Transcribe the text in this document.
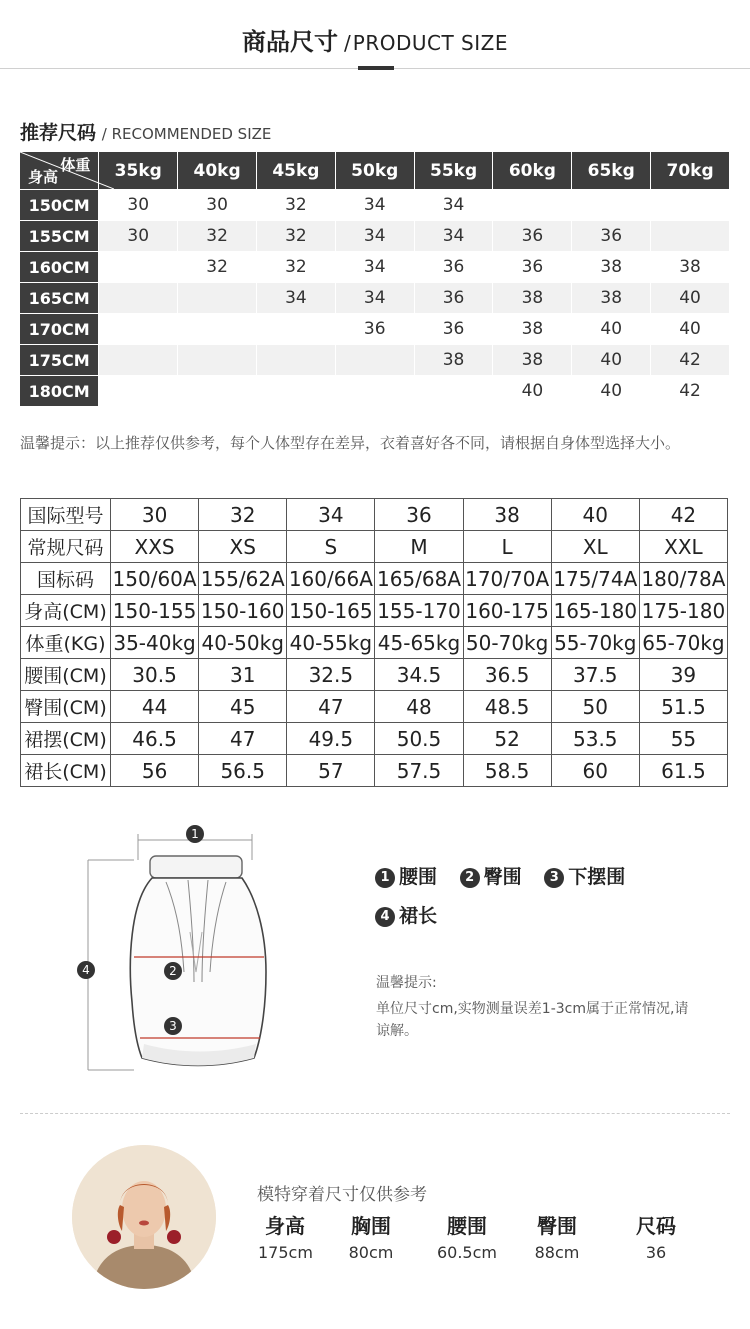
商品尺寸 / PRODUCT SIZE
推荐尺码 / RECOMMENDED SIZE
体重
身高	35kg	40kg	45kg	50kg	55kg	60kg	65kg	70kg
150CM	30	30	32	34	34			
155CM	30	32	32	34	34	36	36	
160CM		32	32	34	36	36	38	38
165CM			34	34	36	38	38	40
170CM				36	36	38	40	40
175CM					38	38	40	42
180CM						40	40	42
温馨提示：以上推荐仅供参考，每个人体型存在差异，衣着喜好各不同，请根据自身体型选择大小。
国际型号	30	32	34	36	38	40	42
常规尺码	XXS	XS	S	M	L	XL	XXL
国标码	150/60A	155/62A	160/66A	165/68A	170/70A	175/74A	180/78A
身高(CM)	150-155	150-160	150-165	155-170	160-175	165-180	175-180
体重(KG)	35-40kg	40-50kg	40-55kg	45-65kg	50-70kg	55-70kg	65-70kg
腰围(CM)	30.5	31	32.5	34.5	36.5	37.5	39
臀围(CM)	44	45	47	48	48.5	50	51.5
裙摆(CM)	46.5	47	49.5	50.5	52	53.5	55
裙长(CM)	56	56.5	57	57.5	58.5	60	61.5
1
2
3
4
1 腰围 2 臀围 3 下摆围
4 裙长
温馨提示:
单位尺寸cm,实物测量误差1-3cm属于正常情况,请谅解。
模特穿着尺寸仅供参考
身高
175cm
胸围
80cm
腰围
60.5cm
臀围
88cm
尺码
36
